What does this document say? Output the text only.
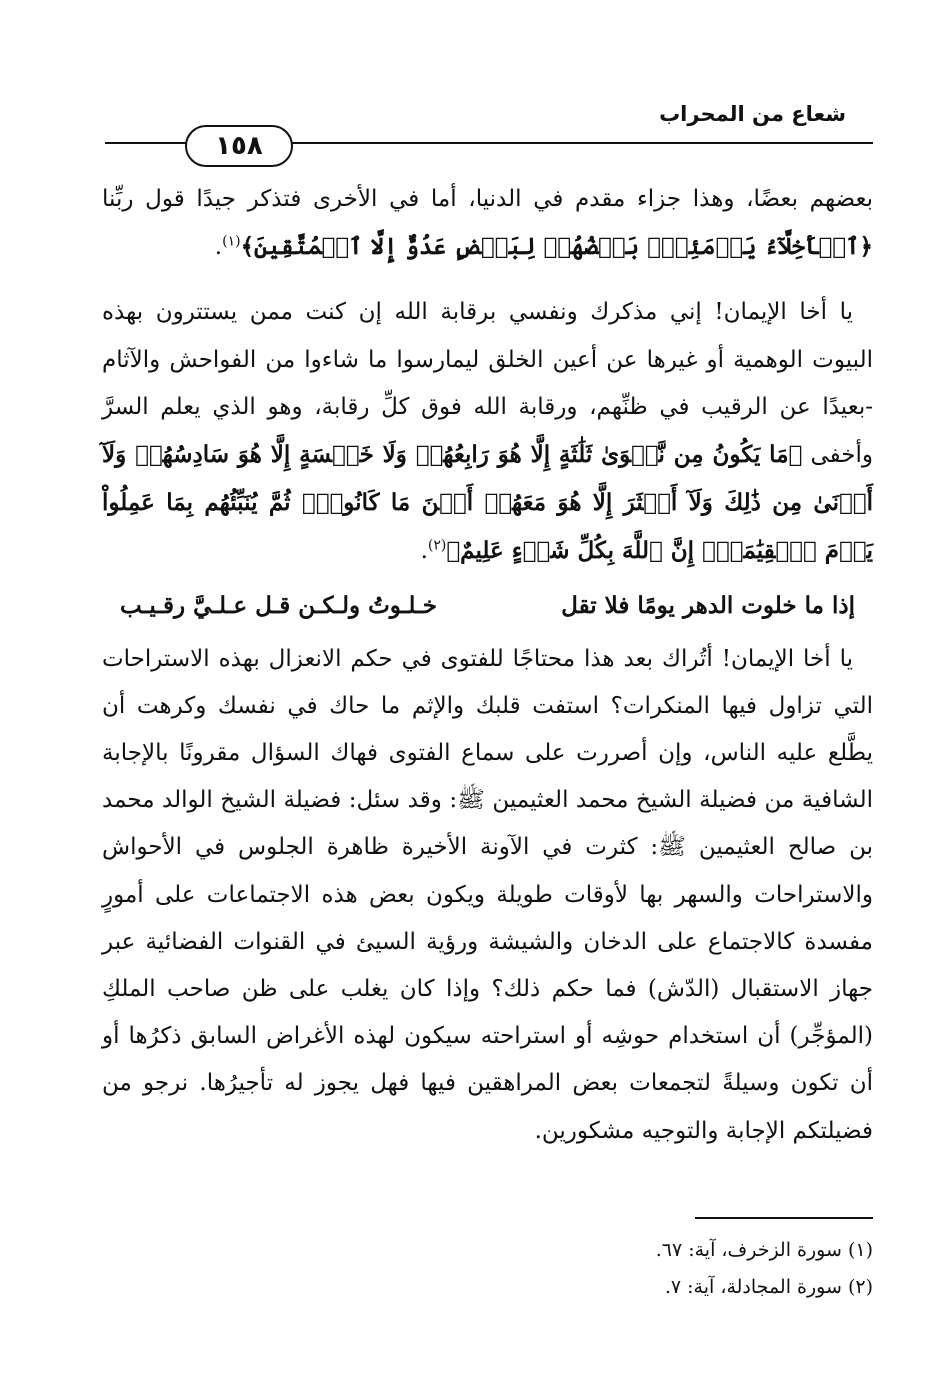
شعاع من المحراب
١٥٨

بعضهم بعضًا، وهذا جزاء مقدم في الدنيا، أما في الأخرى فتذكر جيدًا قول ربِّنا ﴿ٱلۡأَخِلَّآءُ يَوۡمَئِذِۭ بَعۡضُهُمۡ لِبَعۡضٍ عَدُوٌّ إِلَّا ٱلۡمُتَّقِينَ﴾$^{(١)}$.

يا أخا الإيمان! إني مذكرك ونفسي برقابة الله إن كنت ممن يستترون بهذه البيوت الوهمية أو غيرها عن أعين الخلق ليمارسوا ما شاءوا من الفواحش والآثام -بعيدًا عن الرقيب في ظنِّهم، ورقابة الله فوق كلِّ رقابة، وهو الذي يعلم السرَّ وأخفى ﴿مَا يَكُونُ مِن نَّجۡوَىٰ ثَلَٰثَةٍ إِلَّا هُوَ رَابِعُهُمۡ وَلَا خَمۡسَةٍ إِلَّا هُوَ سَادِسُهُمۡ وَلَآ أَدۡنَىٰ مِن ذَٰلِكَ وَلَآ أَكۡثَرَ إِلَّا هُوَ مَعَهُمۡ أَيۡنَ مَا كَانُواْۖ ثُمَّ يُنَبِّئُهُم بِمَا عَمِلُواْ يَوۡمَ ٱلۡقِيَٰمَةِۚ إِنَّ ٱللَّهَ بِكُلِّ شَيۡءٍ عَلِيمٌ﴾$^{(٢)}$.

إذا ما خلوت الدهر يومًا فلا تقل
خـلـوتُ ولـكـن قـل عـلـيَّ رقـيـب

يا أخا الإيمان! أتُراك بعد هذا محتاجًا للفتوى في حكم الانعزال بهذه الاستراحات التي تزاول فيها المنكرات؟ استفت قلبك والإثم ما حاك في نفسك وكرهت أن يطَّلع عليه الناس، وإن أصررت على سماع الفتوى فهاك السؤال مقرونًا بالإجابة الشافية من فضيلة الشيخ محمد العثيمين ﷺ: وقد سئل: فضيلة الشيخ الوالد محمد بن صالح العثيمين ﷺ: كثرت في الآونة الأخيرة ظاهرة الجلوس في الأحواش والاستراحات والسهر بها لأوقات طويلة ويكون بعض هذه الاجتماعات على أمورٍ مفسدة كالاجتماع على الدخان والشيشة ورؤية السيئ في القنوات الفضائية عبر جهاز الاستقبال (الدّش) فما حكم ذلك؟ وإذا كان يغلب على ظن صاحب الملكِ (المؤجِّر) أن استخدام حوشِه أو استراحته سيكون لهذه الأغراض السابق ذكرُها أو أن تكون وسيلةً لتجمعات بعض المراهقين فيها فهل يجوز له تأجيرُها. نرجو من فضيلتكم الإجابة والتوجيه مشكورين.

(١) سورة الزخرف، آية: ٦٧.
(٢) سورة المجادلة، آية: ٧.
